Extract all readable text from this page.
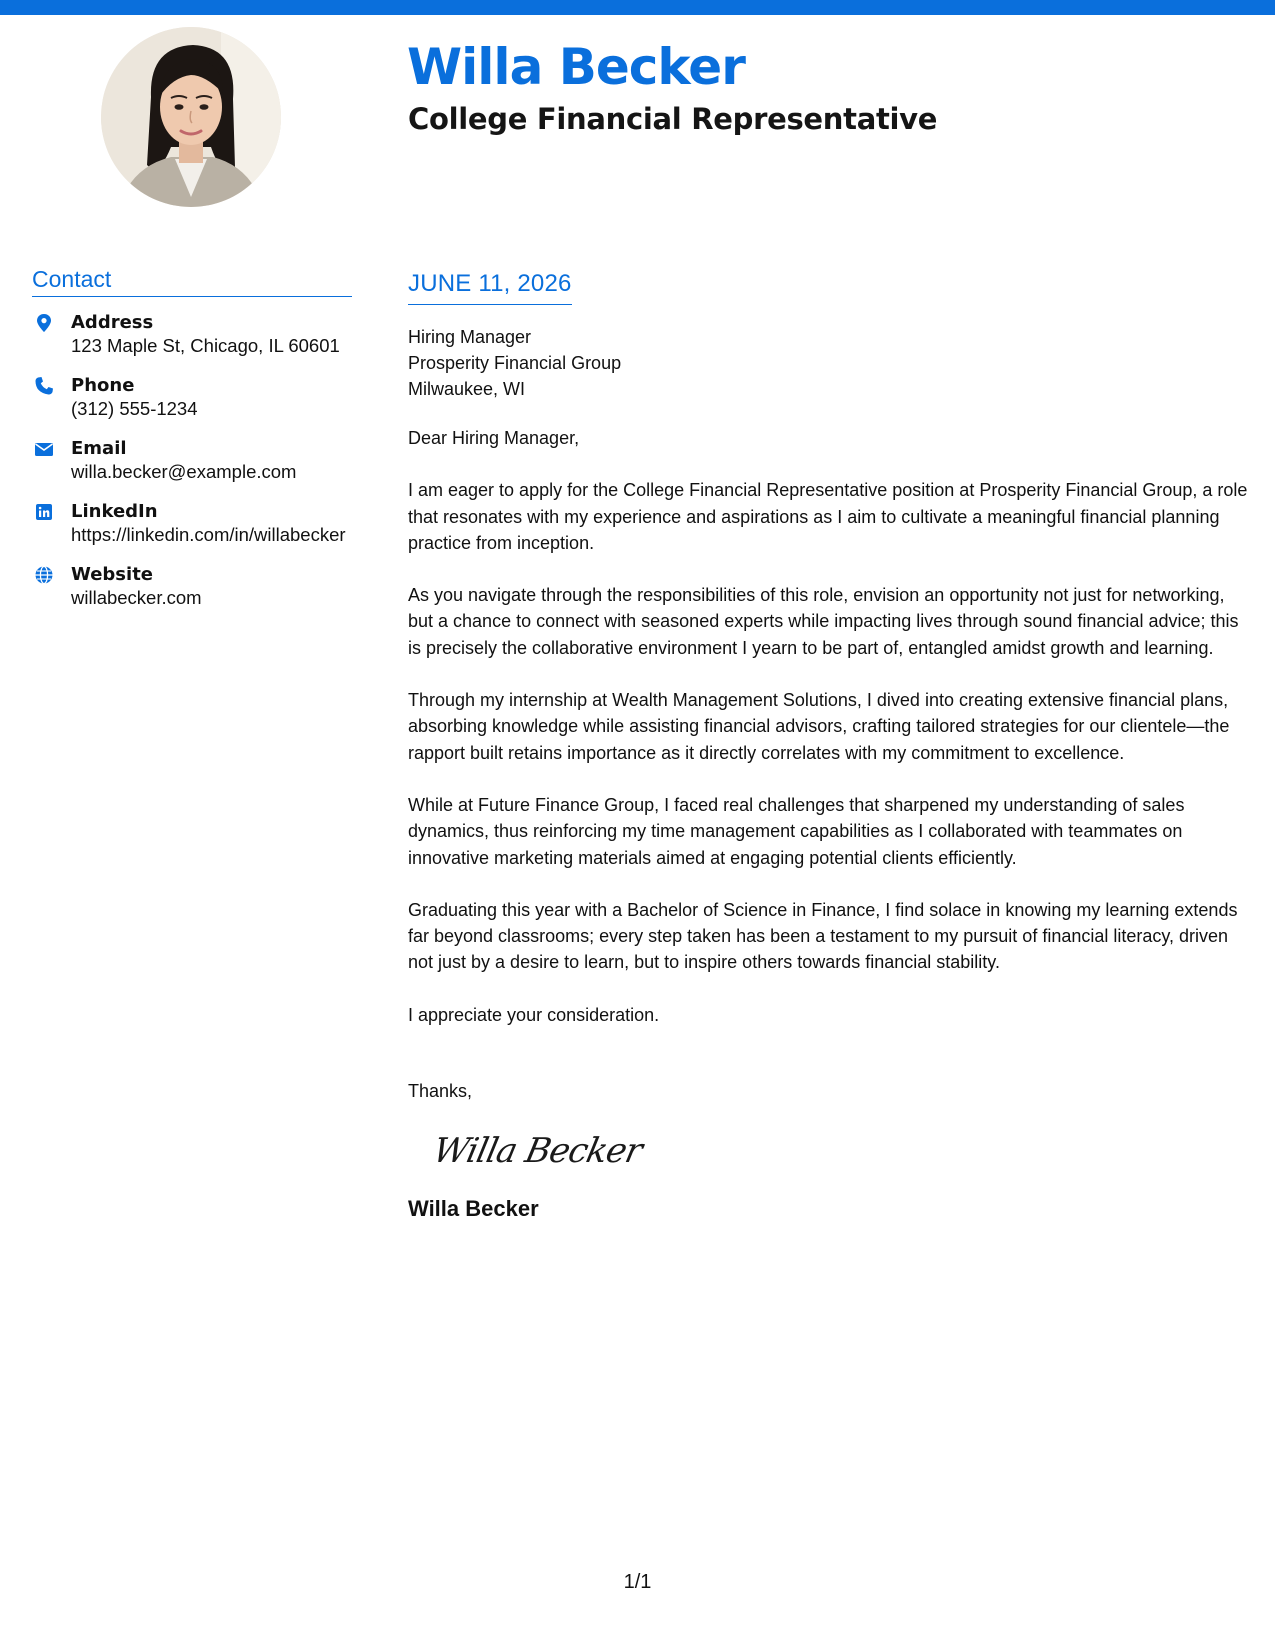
Willa Becker
College Financial Representative
Contact
Address
123 Maple St, Chicago, IL 60601
Phone
(312) 555-1234
Email
willa.becker@example.com
LinkedIn
https://linkedin.com/in/willabecker
Website
willabecker.com
JUNE 11, 2026
Hiring Manager
Prosperity Financial Group
Milwaukee, WI

Dear Hiring Manager,

I am eager to apply for the College Financial Representative position at Prosperity Financial Group, a role that resonates with my experience and aspirations as I aim to cultivate a meaningful financial planning practice from inception.

As you navigate through the responsibilities of this role, envision an opportunity not just for networking, but a chance to connect with seasoned experts while impacting lives through sound financial advice; this is precisely the collaborative environment I yearn to be part of, entangled amidst growth and learning.

Through my internship at Wealth Management Solutions, I dived into creating extensive financial plans, absorbing knowledge while assisting financial advisors, crafting tailored strategies for our clientele—the rapport built retains importance as it directly correlates with my commitment to excellence.

While at Future Finance Group, I faced real challenges that sharpened my understanding of sales dynamics, thus reinforcing my time management capabilities as I collaborated with teammates on innovative marketing materials aimed at engaging potential clients efficiently.

Graduating this year with a Bachelor of Science in Finance, I find solace in knowing my learning extends far beyond classrooms; every step taken has been a testament to my pursuit of financial literacy, driven not just by a desire to learn, but to inspire others towards financial stability.

I appreciate your consideration.

Thanks,
Willa Becker
Willa Becker
1/1
